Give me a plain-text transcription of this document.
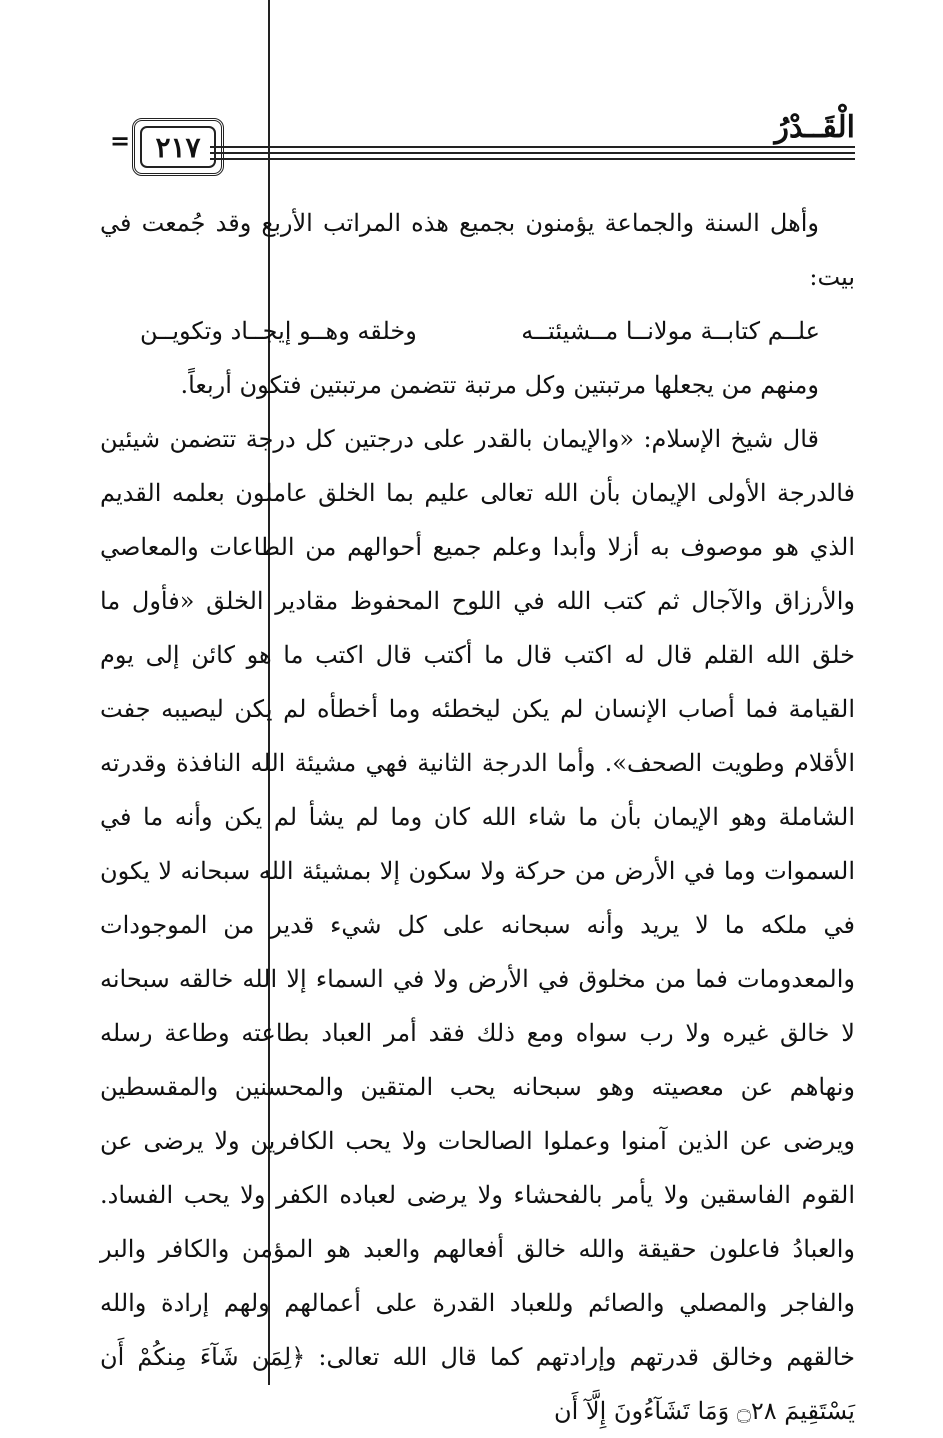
الْقَــدْرُ
٢١٧
=

وأهل السنة والجماعة يؤمنون بجميع هذه المراتب الأربع وقد جُمعت في بيت:

علــم كتابــة مولانــا مــشيئتــه
وخلقه وهــو إيجــاد وتكويــن

ومنهم من يجعلها مرتبتين وكل مرتبة تتضمن مرتبتين فتكون أربعاً.

قال شيخ الإسلام: «والإيمان بالقدر على درجتين كل درجة تتضمن شيئين فالدرجة الأولى الإيمان بأن الله تعالى عليم بما الخلق عاملون بعلمه القديم الذي هو موصوف به أزلا وأبدا وعلم جميع أحوالهم من الطاعات والمعاصي والأرزاق والآجال ثم كتب الله في اللوح المحفوظ مقادير الخلق «فأول ما خلق الله القلم قال له اكتب قال ما أكتب قال اكتب ما هو كائن إلى يوم القيامة فما أصاب الإنسان لم يكن ليخطئه وما أخطأه لم يكن ليصيبه جفت الأقلام وطويت الصحف». وأما الدرجة الثانية فهي مشيئة الله النافذة وقدرته الشاملة وهو الإيمان بأن ما شاء الله كان وما لم يشأ لم يكن وأنه ما في السموات وما في الأرض من حركة ولا سكون إلا بمشيئة الله سبحانه لا يكون في ملكه ما لا يريد وأنه سبحانه على كل شيء قدير من الموجودات والمعدومات فما من مخلوق في الأرض ولا في السماء إلا الله خالقه سبحانه لا خالق غيره ولا رب سواه ومع ذلك فقد أمر العباد بطاعته وطاعة رسله ونهاهم عن معصيته وهو سبحانه يحب المتقين والمحسنين والمقسطين ويرضى عن الذين آمنوا وعملوا الصالحات ولا يحب الكافرين ولا يرضى عن القوم الفاسقين ولا يأمر بالفحشاء ولا يرضى لعباده الكفر ولا يحب الفساد. والعبادُ فاعلون حقيقة والله خالق أفعالهم والعبد هو المؤمن والكافر والبر والفاجر والمصلي والصائم وللعباد القدرة على أعمالهم ولهم إرادة والله خالقهم وخالق قدرتهم وإرادتهم كما قال الله تعالى: ﴿لِمَن شَآءَ مِنكُمْ أَن يَسْتَقِيمَ ۝٢٨ وَمَا تَشَآءُونَ إِلَّآ أَن
